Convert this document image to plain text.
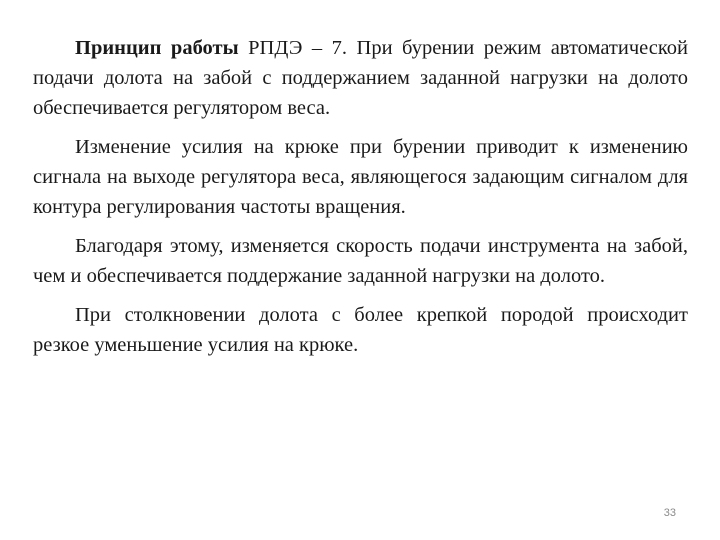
Принцип работы РПДЭ – 7. При бурении режим автоматической подачи долота на забой с поддержанием заданной нагрузки на долото обеспечивается регулятором веса.

Изменение усилия на крюке при бурении приводит к изменению сигнала на выходе регулятора веса, являющегося задающим сигналом для контура регулирования частоты вращения.

Благодаря этому, изменяется скорость подачи инструмента на забой, чем и обеспечивается поддержание заданной нагрузки на долото.

При столкновении долота с более крепкой породой происходит резкое уменьшение усилия на крюке.

33
